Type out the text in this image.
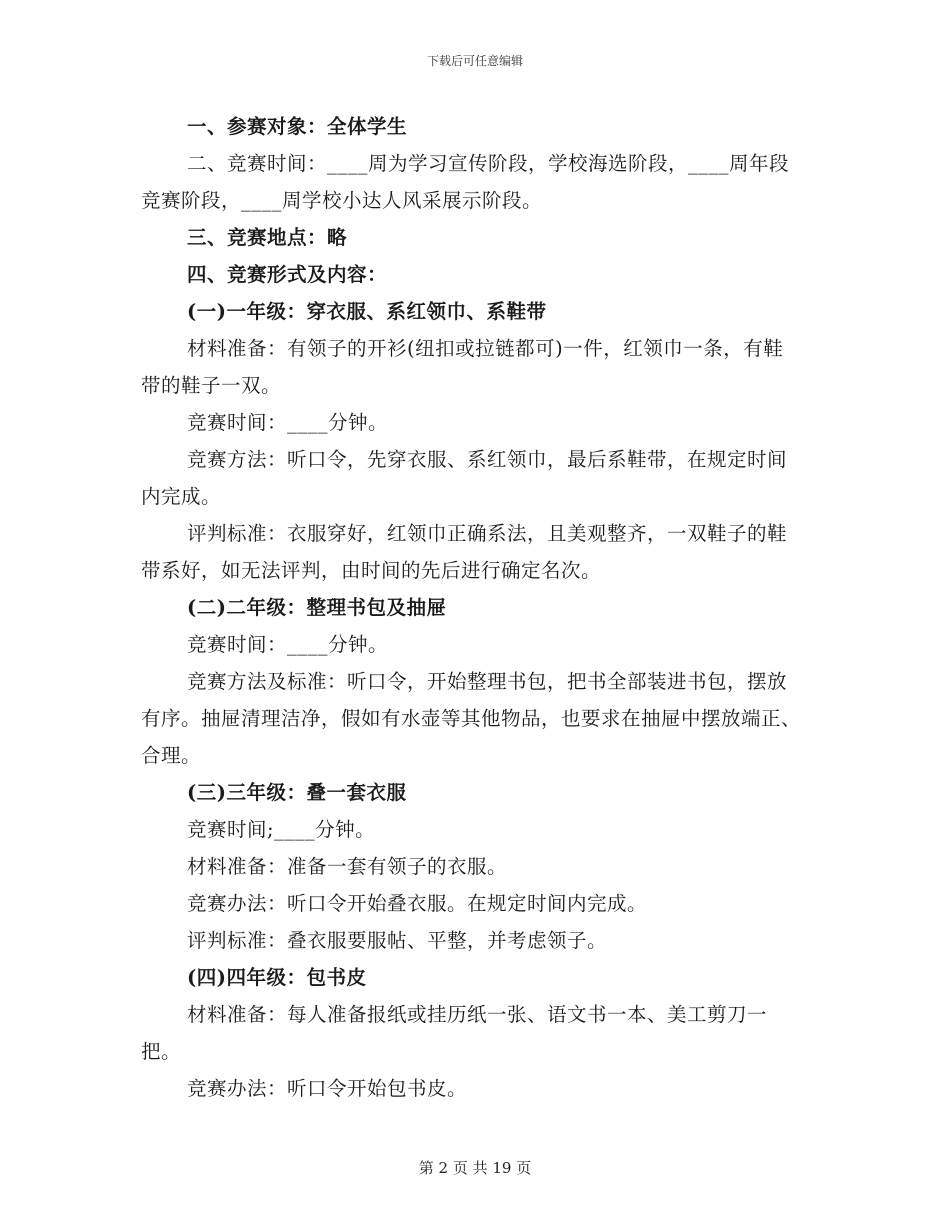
下载后可任意编辑

一、参赛对象：全体学生

二、竞赛时间：____周为学习宣传阶段，学校海选阶段，____周年段竞赛阶段，____周学校小达人风采展示阶段。

三、竞赛地点：略

四、竞赛形式及内容：

(一)一年级：穿衣服、系红领巾、系鞋带

材料准备：有领子的开衫(纽扣或拉链都可)一件，红领巾一条，有鞋带的鞋子一双。

竞赛时间：____分钟。

竞赛方法：听口令，先穿衣服、系红领巾，最后系鞋带，在规定时间内完成。

评判标准：衣服穿好，红领巾正确系法，且美观整齐，一双鞋子的鞋带系好，如无法评判，由时间的先后进行确定名次。

(二)二年级：整理书包及抽屉

竞赛时间：____分钟。

竞赛方法及标准：听口令，开始整理书包，把书全部装进书包，摆放有序。抽屉清理洁净，假如有水壶等其他物品，也要求在抽屉中摆放端正、合理。

(三)三年级：叠一套衣服

竞赛时间;____分钟。

材料准备：准备一套有领子的衣服。

竞赛办法：听口令开始叠衣服。在规定时间内完成。

评判标准：叠衣服要服帖、平整，并考虑领子。

(四)四年级：包书皮

材料准备：每人准备报纸或挂历纸一张、语文书一本、美工剪刀一把。

竞赛办法：听口令开始包书皮。

第 2 页 共 19 页
